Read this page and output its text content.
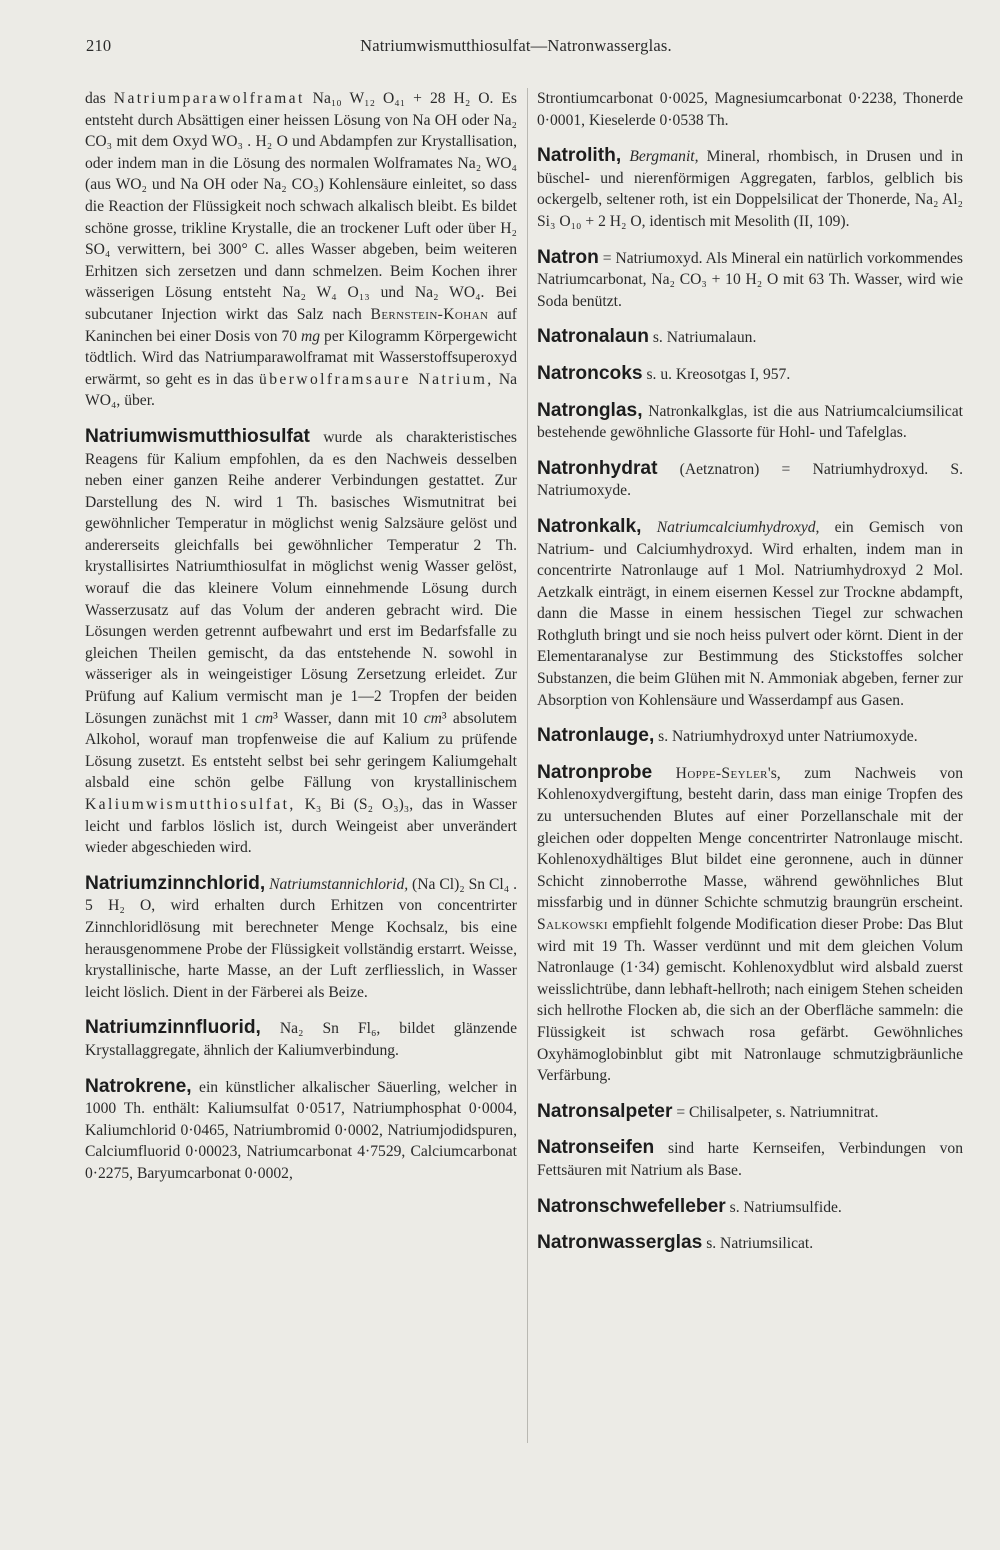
210	Natriumwismutthiosulfat—Natronwasserglas.

das Natriumparawolframat Na₁₀ W₁₂ O₄₁ + 28 H₂ O. Es entsteht durch Absättigen einer heissen Lösung von Na OH oder Na₂ CO₃ mit dem Oxyd WO₃ . H₂ O und Abdampfen zur Krystallisation, oder indem man in die Lösung des normalen Wolframates Na₂ WO₄ (aus WO₂ und Na OH oder Na₂ CO₃) Kohlensäure einleitet, so dass die Reaction der Flüssigkeit noch schwach alkalisch bleibt. Es bildet schöne grosse, trikline Krystalle, die an trockener Luft oder über H₂ SO₄ verwittern, bei 300° C. alles Wasser abgeben, beim weiteren Erhitzen sich zersetzen und dann schmelzen. Beim Kochen ihrer wässerigen Lösung entsteht Na₂ W₄ O₁₃ und Na₂ WO₄. Bei subcutaner Injection wirkt das Salz nach Bernstein-Kohan auf Kaninchen bei einer Dosis von 70 mg per Kilogramm Körpergewicht tödtlich. Wird das Natriumparawolframat mit Wasserstoffsuperoxyd erwärmt, so geht es in das überwolframsaure Natrium, Na WO₄, über.

Natriumwismutthiosulfat wurde als charakteristisches Reagens für Kalium empfohlen, da es den Nachweis desselben neben einer ganzen Reihe anderer Verbindungen gestattet. Zur Darstellung des N. wird 1 Th. basisches Wismutnitrat bei gewöhnlicher Temperatur in möglichst wenig Salzsäure gelöst und andererseits gleichfalls bei gewöhnlicher Temperatur 2 Th. krystallisirtes Natriumthiosulfat in möglichst wenig Wasser gelöst, worauf die das kleinere Volum einnehmende Lösung durch Wasserzusatz auf das Volum der anderen gebracht wird. Die Lösungen werden getrennt aufbewahrt und erst im Bedarfsfalle zu gleichen Theilen gemischt, da das entstehende N. sowohl in wässeriger als in weingeistiger Lösung Zersetzung erleidet. Zur Prüfung auf Kalium vermischt man je 1—2 Tropfen der beiden Lösungen zunächst mit 1 cm³ Wasser, dann mit 10 cm³ absolutem Alkohol, worauf man tropfenweise die auf Kalium zu prüfende Lösung zusetzt. Es entsteht selbst bei sehr geringem Kaliumgehalt alsbald eine schön gelbe Fällung von krystallinischem Kaliumwismutthiosulfat, K₃ Bi (S₂ O₃)₃, das in Wasser leicht und farblos löslich ist, durch Weingeist aber unverändert wieder abgeschieden wird.

Natriumzinnchlorid, Natriumstannichlorid, (Na Cl)₂ Sn Cl₄ . 5 H₂ O, wird erhalten durch Erhitzen von concentrirter Zinnchloridlösung mit berechneter Menge Kochsalz, bis eine herausgenommene Probe der Flüssigkeit vollständig erstarrt. Weisse, krystallinische, harte Masse, an der Luft zerfliesslich, in Wasser leicht löslich. Dient in der Färberei als Beize.

Natriumzinnfluorid, Na₂ Sn Fl₆, bildet glänzende Krystallaggregate, ähnlich der Kaliumverbindung.

Natrokrene, ein künstlicher alkalischer Säuerling, welcher in 1000 Th. enthält: Kaliumsulfat 0·0517, Natriumphosphat 0·0004, Kaliumchlorid 0·0465, Natriumbromid 0·0002, Natriumjodidspuren, Calciumfluorid 0·00023, Natriumcarbonat 4·7529, Calciumcarbonat 0·2275, Baryumcarbonat 0·0002,

Strontiumcarbonat 0·0025, Magnesiumcarbonat 0·2238, Thonerde 0·0001, Kieselerde 0·0538 Th.

Natrolith, Bergmanit, Mineral, rhombisch, in Drusen und in büschel- und nierenförmigen Aggregaten, farblos, gelblich bis ockergelb, seltener roth, ist ein Doppelsilicat der Thonerde, Na₂ Al₂ Si₃ O₁₀ + 2 H₂ O, identisch mit Mesolith (II, 109).

Natron = Natriumoxyd. Als Mineral ein natürlich vorkommendes Natriumcarbonat, Na₂ CO₃ + 10 H₂ O mit 63 Th. Wasser, wird wie Soda benützt.

Natronalaun s. Natriumalaun.

Natroncoks s. u. Kreosotgas I, 957.

Natronglas, Natronkalkglas, ist die aus Natriumcalciumsilicat bestehende gewöhnliche Glassorte für Hohl- und Tafelglas.

Natronhydrat (Aetznatron) = Natriumhydroxyd. S. Natriumoxyde.

Natronkalk, Natriumcalciumhydroxyd, ein Gemisch von Natrium- und Calciumhydroxyd. Wird erhalten, indem man in concentrirte Natronlauge auf 1 Mol. Natriumhydroxyd 2 Mol. Aetzkalk einträgt, in einem eisernen Kessel zur Trockne abdampft, dann die Masse in einem hessischen Tiegel zur schwachen Rothgluth bringt und sie noch heiss pulvert oder körnt. Dient in der Elementaranalyse zur Bestimmung des Stickstoffes solcher Substanzen, die beim Glühen mit N. Ammoniak abgeben, ferner zur Absorption von Kohlensäure und Wasserdampf aus Gasen.

Natronlauge, s. Natriumhydroxyd unter Natriumoxyde.

Natronprobe Hoppe-Seyler's, zum Nachweis von Kohlenoxydvergiftung, besteht darin, dass man einige Tropfen des zu untersuchenden Blutes auf einer Porzellanschale mit der gleichen oder doppelten Menge concentrirter Natronlauge mischt. Kohlenoxydhältiges Blut bildet eine geronnene, auch in dünner Schicht zinnoberrothe Masse, während gewöhnliches Blut missfarbig und in dünner Schichte schmutzig braungrün erscheint. Salkowski empfiehlt folgende Modification dieser Probe: Das Blut wird mit 19 Th. Wasser verdünnt und mit dem gleichen Volum Natronlauge (1·34) gemischt. Kohlenoxydblut wird alsbald zuerst weisslichtrübe, dann lebhaft-hellroth; nach einigem Stehen scheiden sich hellrothe Flocken ab, die sich an der Oberfläche sammeln: die Flüssigkeit ist schwach rosa gefärbt. Gewöhnliches Oxyhämoglobinblut gibt mit Natronlauge schmutzigbräunliche Verfärbung.

Natronsalpeter = Chilisalpeter, s. Natriumnitrat.

Natronseifen sind harte Kernseifen, Verbindungen von Fettsäuren mit Natrium als Base.

Natronschwefelleber s. Natriumsulfide.

Natronwasserglas s. Natriumsilicat.
